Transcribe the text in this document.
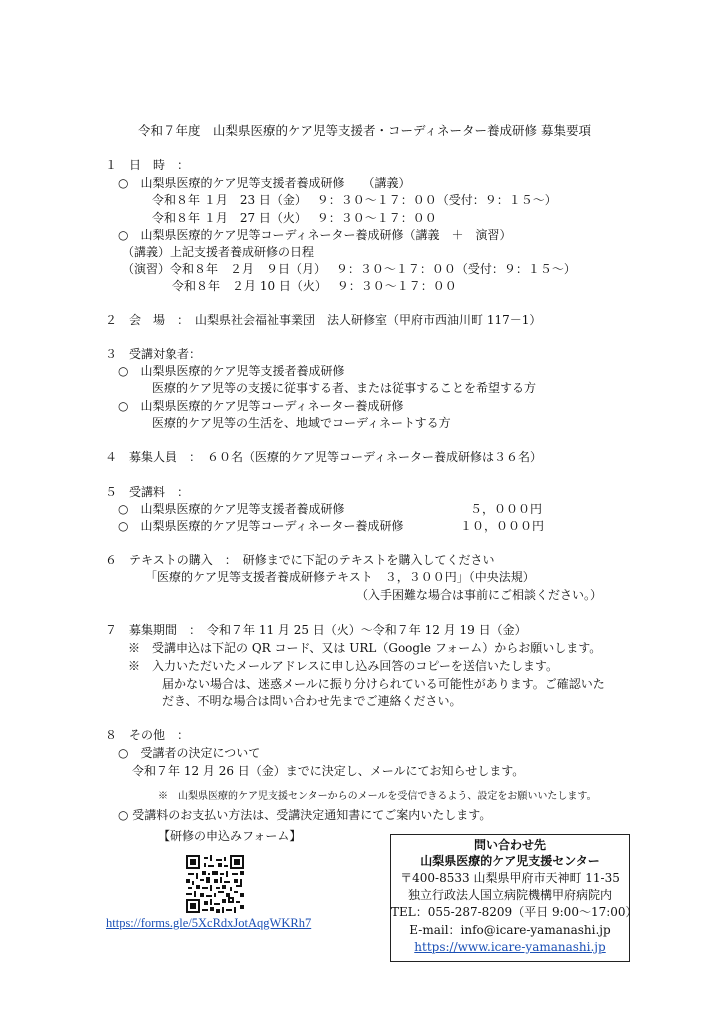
令和７年度　山梨県医療的ケア児等支援者・コーディネーター養成研修 募集要項
１　日　時　：
○　山梨県医療的ケア児等支援者養成研修　　（講義）
令和８年 １月　23 日（金）　 ９：３０～１７：００（受付：９：１５～）
令和８年 １月　27 日（火）　 ９：３０～１７：００
○　山梨県医療的ケア児等コーディネーター養成研修（講義　＋　演習）
（講義）上記支援者養成研修の日程
（演習）令和８年　２月　９日（月）　 ９：３０～１７：００（受付：９：１５～）
令和８年　２月 10 日（火）　 ９：３０～１７：００
２　会　場　：　山梨県社会福祉事業団　法人研修室（甲府市西油川町 117－1）
３　受講対象者：
○　山梨県医療的ケア児等支援者養成研修
医療的ケア児等の支援に従事する者、または従事することを希望する方
○　山梨県医療的ケア児等コーディネーター養成研修
医療的ケア児等の生活を、地域でコーディネートする方
４　募集人員　：　６０名（医療的ケア児等コーディネーター養成研修は３６名）
５　受講料　：
○　山梨県医療的ケア児等支援者養成研修	５，０００円
○　山梨県医療的ケア児等コーディネーター養成研修	１０，０００円
６　テキストの購入　：　研修までに下記のテキストを購入してください
「医療的ケア児等支援者養成研修テキスト　３，３００円」（中央法規）
（入手困難な場合は事前にご相談ください。）
７　募集期間　：　令和７年 11 月 25 日（火）～令和７年 12 月 19 日（金）
※　受講申込は下記の QR コード、又は URL（Google フォーム）からお願いします。
※　入力いただいたメールアドレスに申し込み回答のコピーを送信いたします。
届かない場合は、迷惑メールに振り分けられている可能性があります。ご確認いた
だき、不明な場合は問い合わせ先までご連絡ください。
８　その他　：
○　受講者の決定について
令和７年 12 月 26 日（金）までに決定し、メールにてお知らせします。
※　山梨県医療的ケア児支援センターからのメールを受信できるよう、設定をお願いいたします。
○ 受講料のお支払い方法は、受講決定通知書にてご案内いたします。
【研修の申込みフォーム】
https://forms.gle/5XcRdxJotAqgWKRh7
問い合わせ先
山梨県医療的ケア児支援センター
〒400-8533 山梨県甲府市天神町 11-35
独立行政法人国立病院機構甲府病院内
TEL：055-287-8209（平日 9:00～17:00）
E-mail：info@icare-yamanashi.jp
https://www.icare-yamanashi.jp
